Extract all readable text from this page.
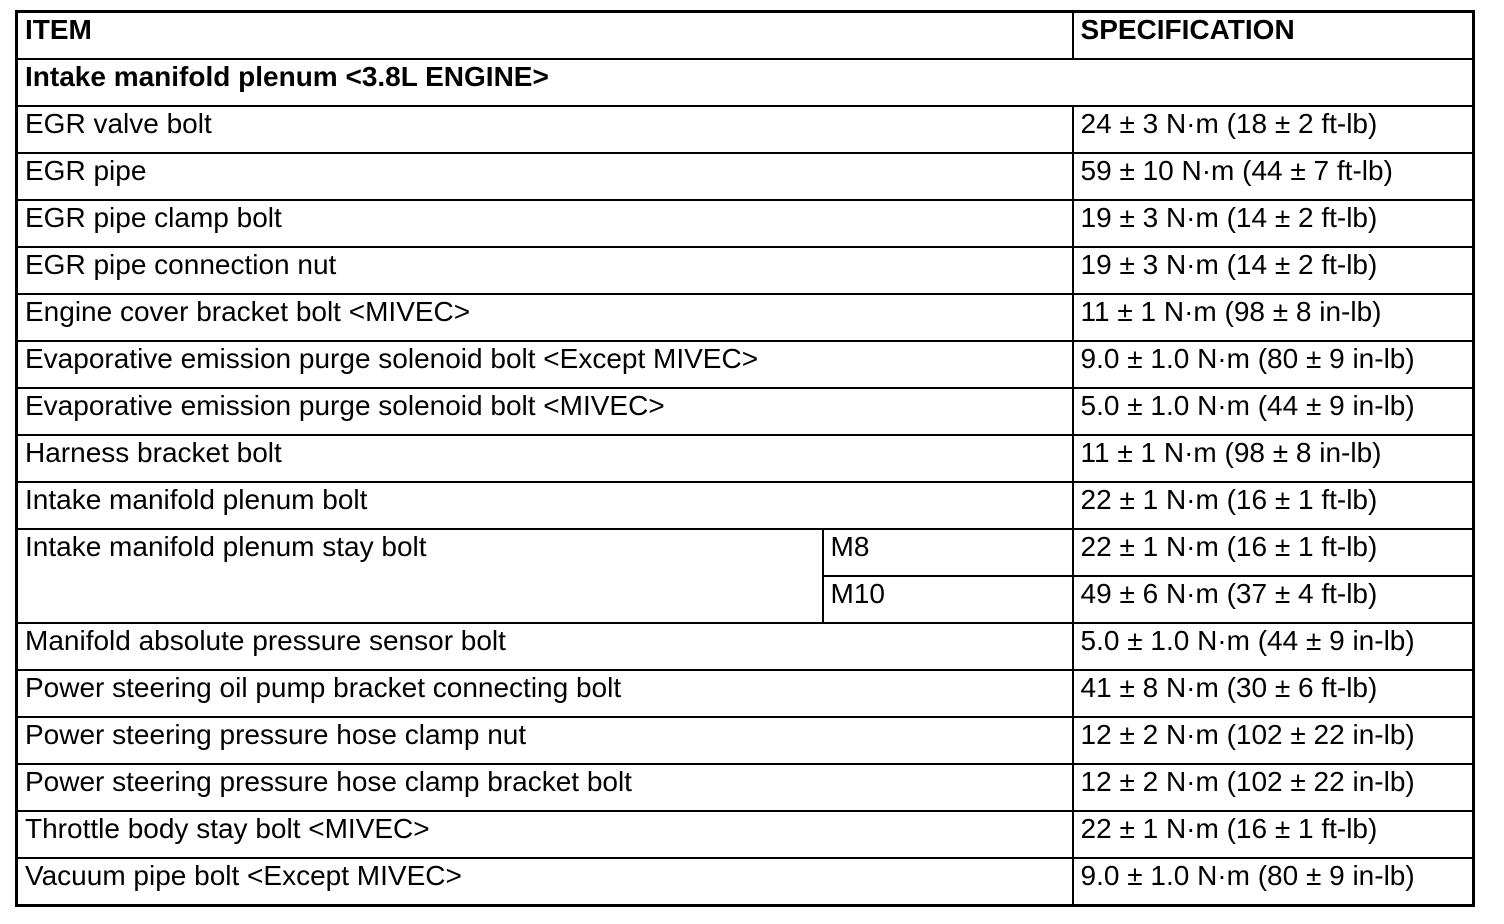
ITEM		SPECIFICATION
Intake manifold plenum <3.8L ENGINE>		
EGR valve bolt		24 ± 3 N·m (18 ± 2 ft-lb)
EGR pipe		59 ± 10 N·m (44 ± 7 ft-lb)
EGR pipe clamp bolt		19 ± 3 N·m (14 ± 2 ft-lb)
EGR pipe connection nut		19 ± 3 N·m (14 ± 2 ft-lb)
Engine cover bracket bolt <MIVEC>		11 ± 1 N·m (98 ± 8 in-lb)
Evaporative emission purge solenoid bolt <Except MIVEC>		9.0 ± 1.0 N·m (80 ± 9 in-lb)
Evaporative emission purge solenoid bolt <MIVEC>		5.0 ± 1.0 N·m (44 ± 9 in-lb)
Harness bracket bolt		11 ± 1 N·m (98 ± 8 in-lb)
Intake manifold plenum bolt		22 ± 1 N·m (16 ± 1 ft-lb)
Intake manifold plenum stay bolt	M8	22 ± 1 N·m (16 ± 1 ft-lb)
	M10	49 ± 6 N·m (37 ± 4 ft-lb)
Manifold absolute pressure sensor bolt		5.0 ± 1.0 N·m (44 ± 9 in-lb)
Power steering oil pump bracket connecting bolt		41 ± 8 N·m (30 ± 6 ft-lb)
Power steering pressure hose clamp nut		12 ± 2 N·m (102 ± 22 in-lb)
Power steering pressure hose clamp bracket bolt		12 ± 2 N·m (102 ± 22 in-lb)
Throttle body stay bolt <MIVEC>		22 ± 1 N·m (16 ± 1 ft-lb)
Vacuum pipe bolt <Except MIVEC>		9.0 ± 1.0 N·m (80 ± 9 in-lb)
